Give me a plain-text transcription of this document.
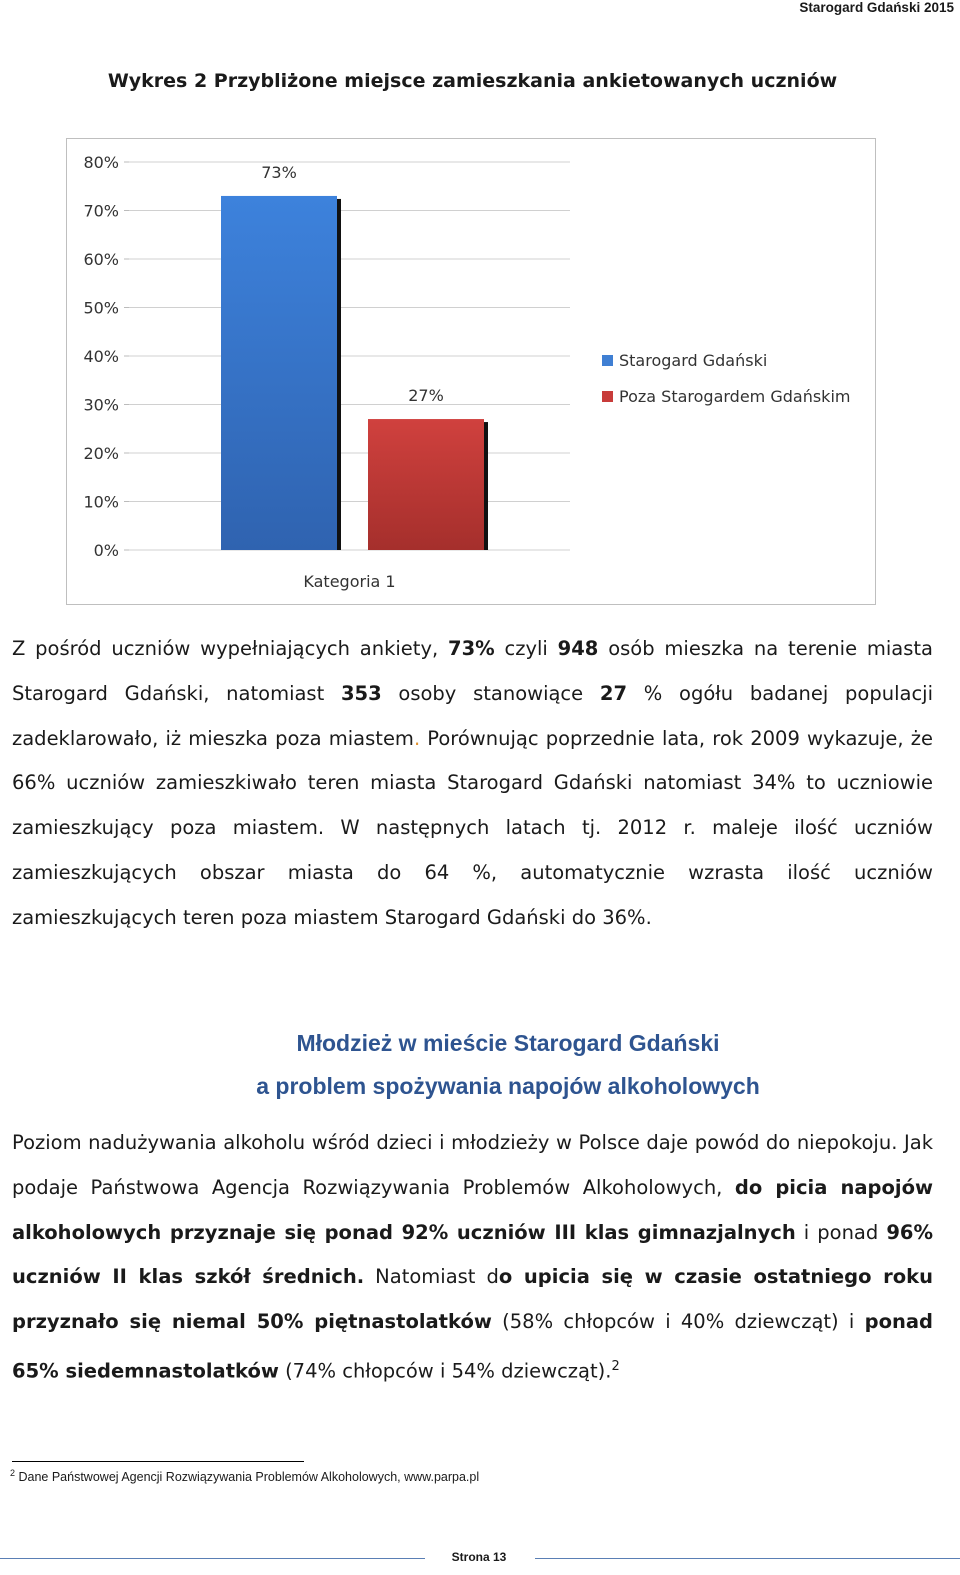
Starogard Gdański 2015
Wykres 2 Przybliżone miejsce zamieszkania ankietowanych uczniów
0%
10%
20%
30%
40%
50%
60%
70%
80%
73%
27%
Kategoria 1
Starogard Gdański
Poza Starogardem Gdańskim

Z pośród uczniów wypełniających ankiety, 73% czyli 948 osób mieszka na terenie miasta Starogard Gdański, natomiast 353 osoby stanowiące 27 % ogółu badanej populacji zadeklarowało, iż mieszka poza miastem. Porównując poprzednie lata, rok 2009 wykazuje, że 66% uczniów zamieszkiwało teren miasta Starogard Gdański natomiast 34% to uczniowie zamieszkujący poza miastem. W następnych latach tj. 2012 r. maleje ilość uczniów zamieszkujących obszar miasta do 64 %, automatycznie wzrasta ilość uczniów zamieszkujących teren poza miastem Starogard Gdański do 36%.

Młodzież w mieście Starogard Gdański
a problem spożywania napojów alkoholowych

Poziom nadużywania alkoholu wśród dzieci i młodzieży w Polsce daje powód do niepokoju. Jak podaje Państwowa Agencja Rozwiązywania Problemów Alkoholowych, do picia napojów alkoholowych przyznaje się ponad 92% uczniów III klas gimnazjalnych i ponad 96% uczniów II klas szkół średnich. Natomiast do upicia się w czasie ostatniego roku przyznało się niemal 50% piętnastolatków (58% chłopców i 40% dziewcząt) i ponad 65% siedemnastolatków (74% chłopców i 54% dziewcząt).$^2$

$^2$ Dane Państwowej Agencji Rozwiązywania Problemów Alkoholowych, www.parpa.pl
Strona 13
